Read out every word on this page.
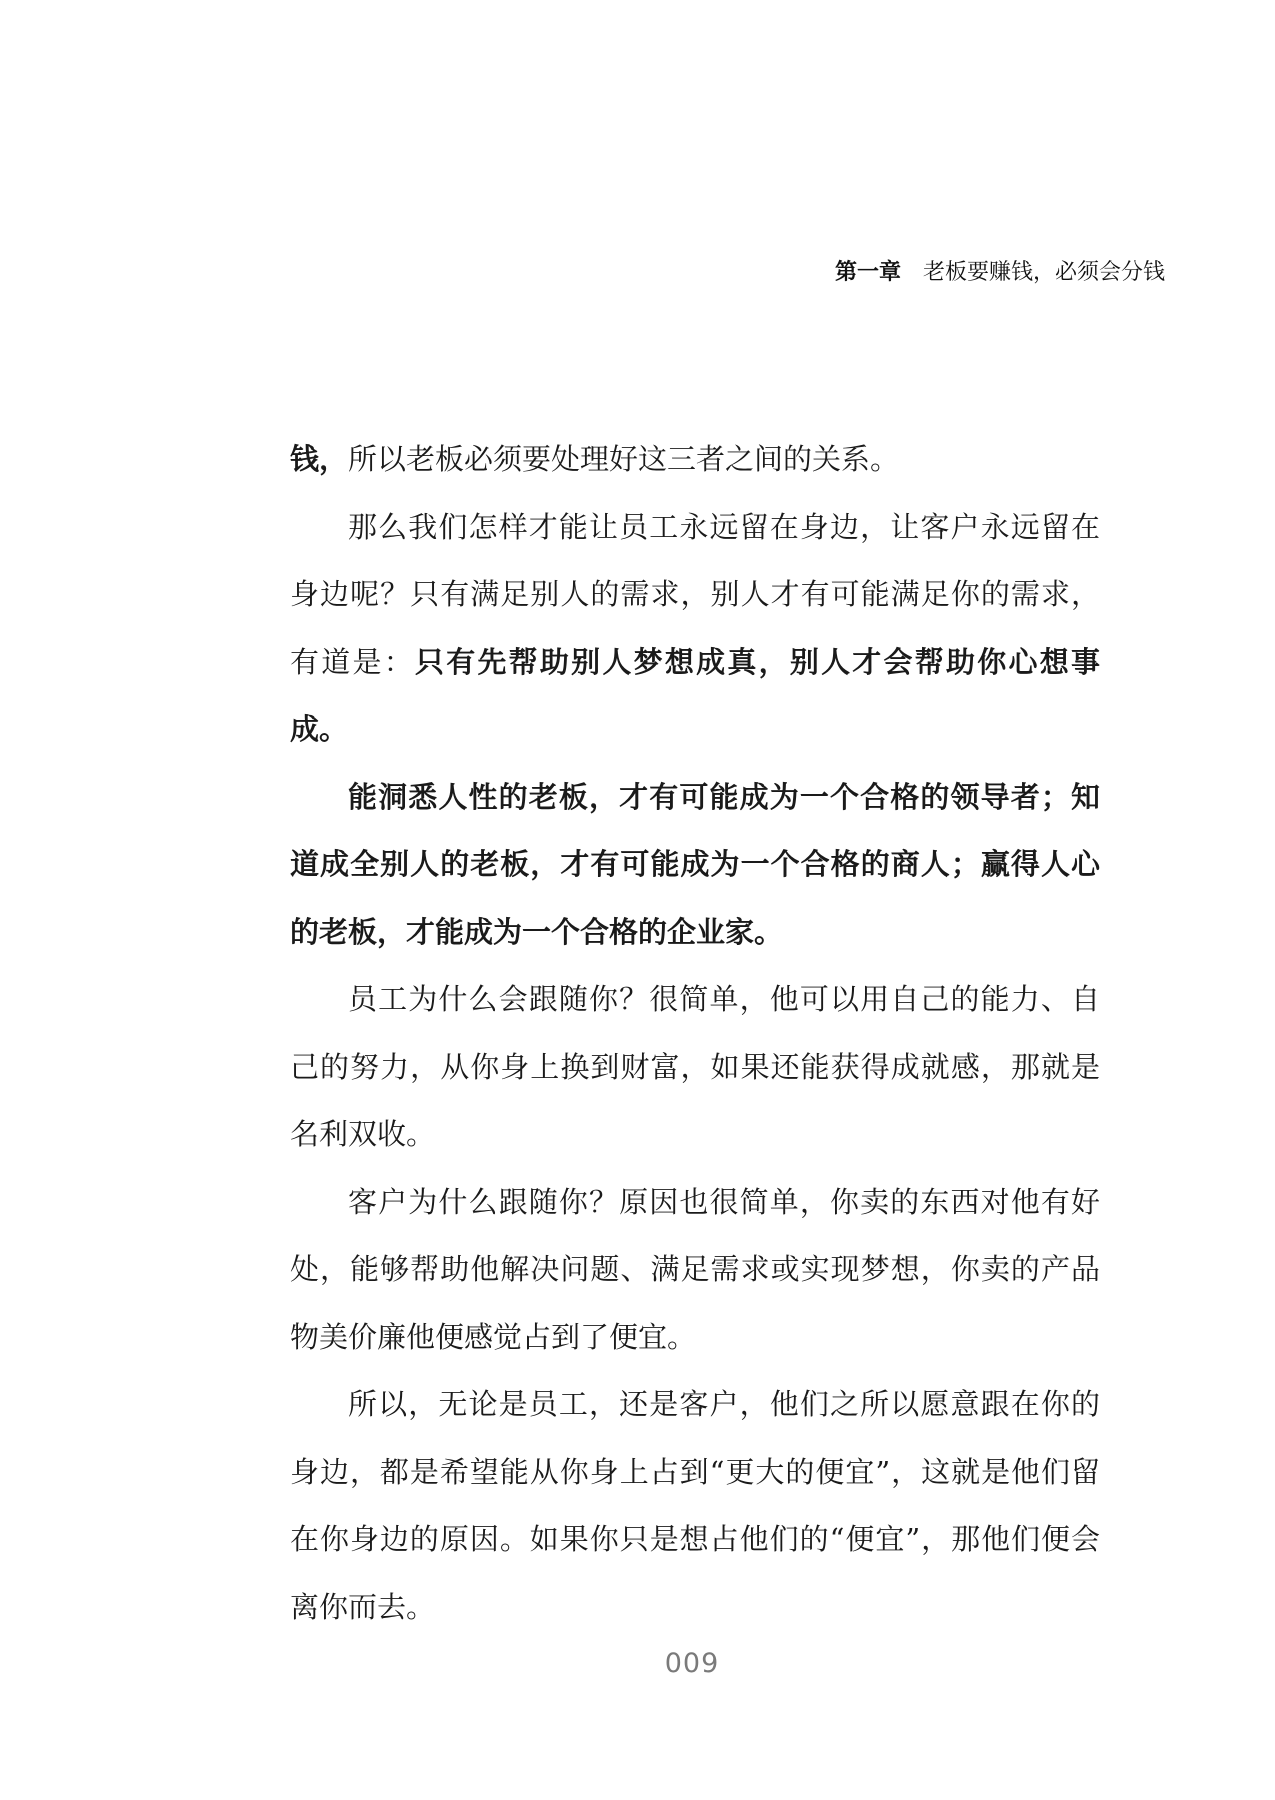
第一章 老板要赚钱，必须会分钱

钱，所以老板必须要处理好这三者之间的关系。

那么我们怎样才能让员工永远留在身边，让客户永远留在身边呢？只有满足别人的需求，别人才有可能满足你的需求，有道是：只有先帮助别人梦想成真，别人才会帮助你心想事成。

能洞悉人性的老板，才有可能成为一个合格的领导者；知道成全别人的老板，才有可能成为一个合格的商人；赢得人心的老板，才能成为一个合格的企业家。

员工为什么会跟随你？很简单，他可以用自己的能力、自己的努力，从你身上换到财富，如果还能获得成就感，那就是名利双收。

客户为什么跟随你？原因也很简单，你卖的东西对他有好处，能够帮助他解决问题、满足需求或实现梦想，你卖的产品物美价廉他便感觉占到了便宜。

所以，无论是员工，还是客户，他们之所以愿意跟在你的身边，都是希望能从你身上占到“更大的便宜”，这就是他们留在你身边的原因。如果你只是想占他们的“便宜”，那他们便会离你而去。

009
